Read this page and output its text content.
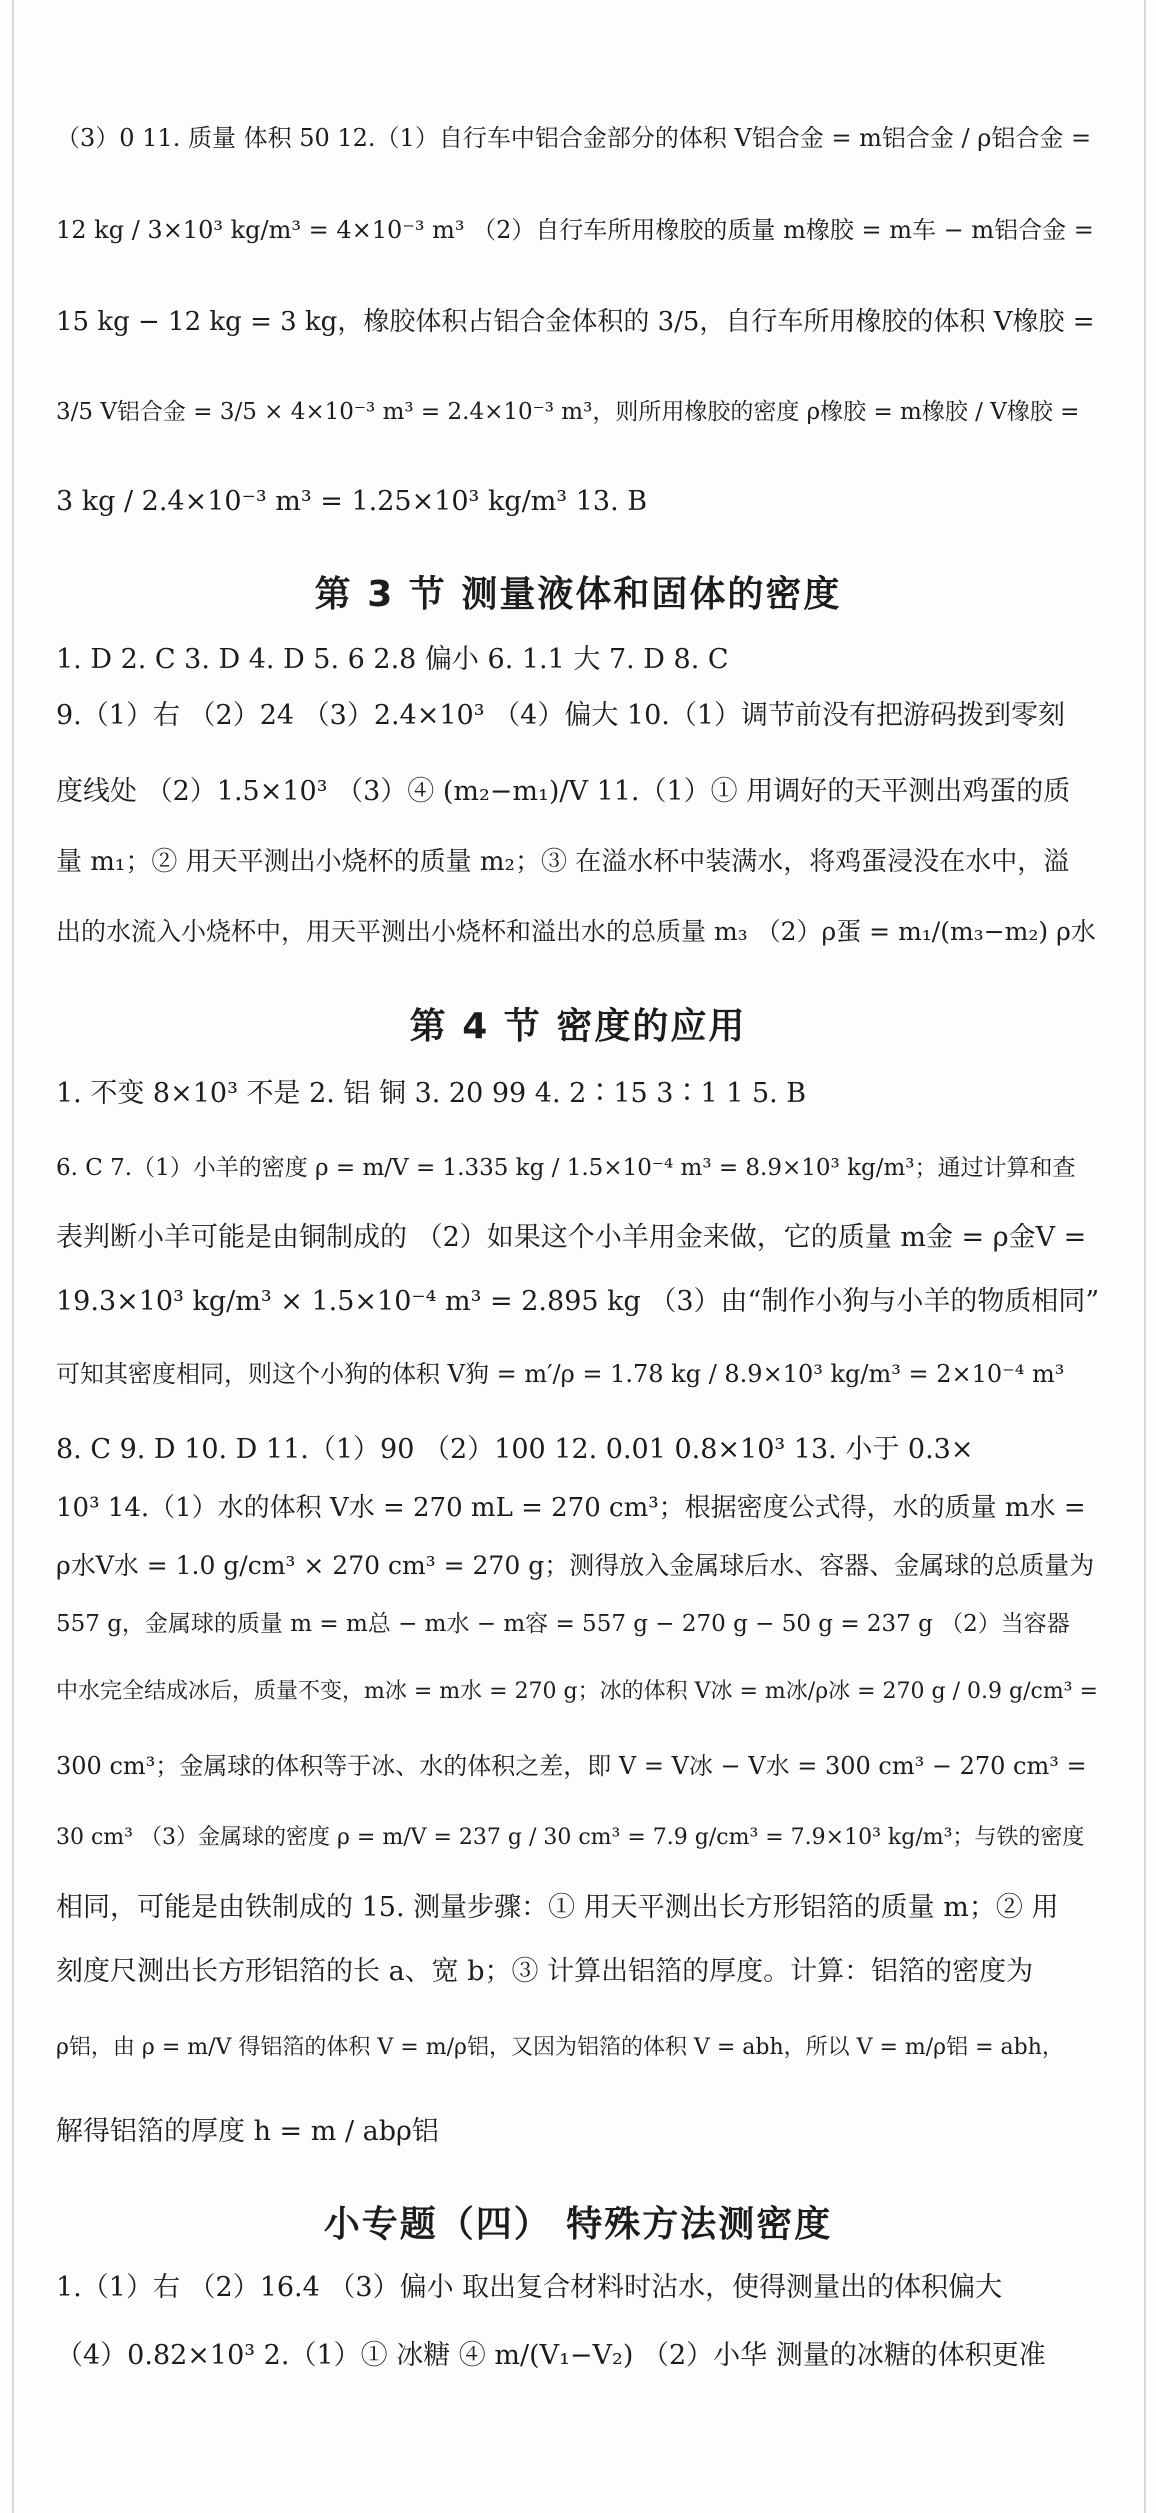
（3）0 11. 质量 体积 50 12.（1）自行车中铝合金部分的体积 V铝合金 = m铝合金 / ρ铝合金 =
12 kg / 3×10³ kg/m³ = 4×10⁻³ m³ （2）自行车所用橡胶的质量 m橡胶 = m车 − m铝合金 =
15 kg − 12 kg = 3 kg，橡胶体积占铝合金体积的 3/5，自行车所用橡胶的体积 V橡胶 =
3/5 V铝合金 = 3/5 × 4×10⁻³ m³ = 2.4×10⁻³ m³，则所用橡胶的密度 ρ橡胶 = m橡胶 / V橡胶 =
3 kg / 2.4×10⁻³ m³ = 1.25×10³ kg/m³ 13. B
第 3 节 测量液体和固体的密度
1. D 2. C 3. D 4. D 5. 6 2.8 偏小 6. 1.1 大 7. D 8. C
9.（1）右 （2）24 （3）2.4×10³ （4）偏大 10.（1）调节前没有把游码拨到零刻
度线处 （2）1.5×10³ （3）④ (m₂−m₁)/V 11.（1）① 用调好的天平测出鸡蛋的质
量 m₁；② 用天平测出小烧杯的质量 m₂；③ 在溢水杯中装满水，将鸡蛋浸没在水中，溢
出的水流入小烧杯中，用天平测出小烧杯和溢出水的总质量 m₃ （2）ρ蛋 = m₁/(m₃−m₂) ρ水
第 4 节 密度的应用
1. 不变 8×10³ 不是 2. 铝 铜 3. 20 99 4. 2∶15 3∶1 1 5. B
6. C 7.（1）小羊的密度 ρ = m/V = 1.335 kg / 1.5×10⁻⁴ m³ = 8.9×10³ kg/m³；通过计算和查
表判断小羊可能是由铜制成的 （2）如果这个小羊用金来做，它的质量 m金 = ρ金V =
19.3×10³ kg/m³ × 1.5×10⁻⁴ m³ = 2.895 kg （3）由“制作小狗与小羊的物质相同”
可知其密度相同，则这个小狗的体积 V狗 = m′/ρ = 1.78 kg / 8.9×10³ kg/m³ = 2×10⁻⁴ m³
8. C 9. D 10. D 11.（1）90 （2）100 12. 0.01 0.8×10³ 13. 小于 0.3×
10³ 14.（1）水的体积 V水 = 270 mL = 270 cm³；根据密度公式得，水的质量 m水 =
ρ水V水 = 1.0 g/cm³ × 270 cm³ = 270 g；测得放入金属球后水、容器、金属球的总质量为
557 g，金属球的质量 m = m总 − m水 − m容 = 557 g − 270 g − 50 g = 237 g （2）当容器
中水完全结成冰后，质量不变，m冰 = m水 = 270 g；冰的体积 V冰 = m冰/ρ冰 = 270 g / 0.9 g/cm³ =
300 cm³；金属球的体积等于冰、水的体积之差，即 V = V冰 − V水 = 300 cm³ − 270 cm³ =
30 cm³ （3）金属球的密度 ρ = m/V = 237 g / 30 cm³ = 7.9 g/cm³ = 7.9×10³ kg/m³；与铁的密度
相同，可能是由铁制成的 15. 测量步骤：① 用天平测出长方形铝箔的质量 m；② 用
刻度尺测出长方形铝箔的长 a、宽 b；③ 计算出铝箔的厚度。计算：铝箔的密度为
ρ铝，由 ρ = m/V 得铝箔的体积 V = m/ρ铝，又因为铝箔的体积 V = abh，所以 V = m/ρ铝 = abh，
解得铝箔的厚度 h = m / abρ铝
小专题（四） 特殊方法测密度
1.（1）右 （2）16.4 （3）偏小 取出复合材料时沾水，使得测量出的体积偏大
（4）0.82×10³ 2.（1）① 冰糖 ④ m/(V₁−V₂) （2）小华 测量的冰糖的体积更准
